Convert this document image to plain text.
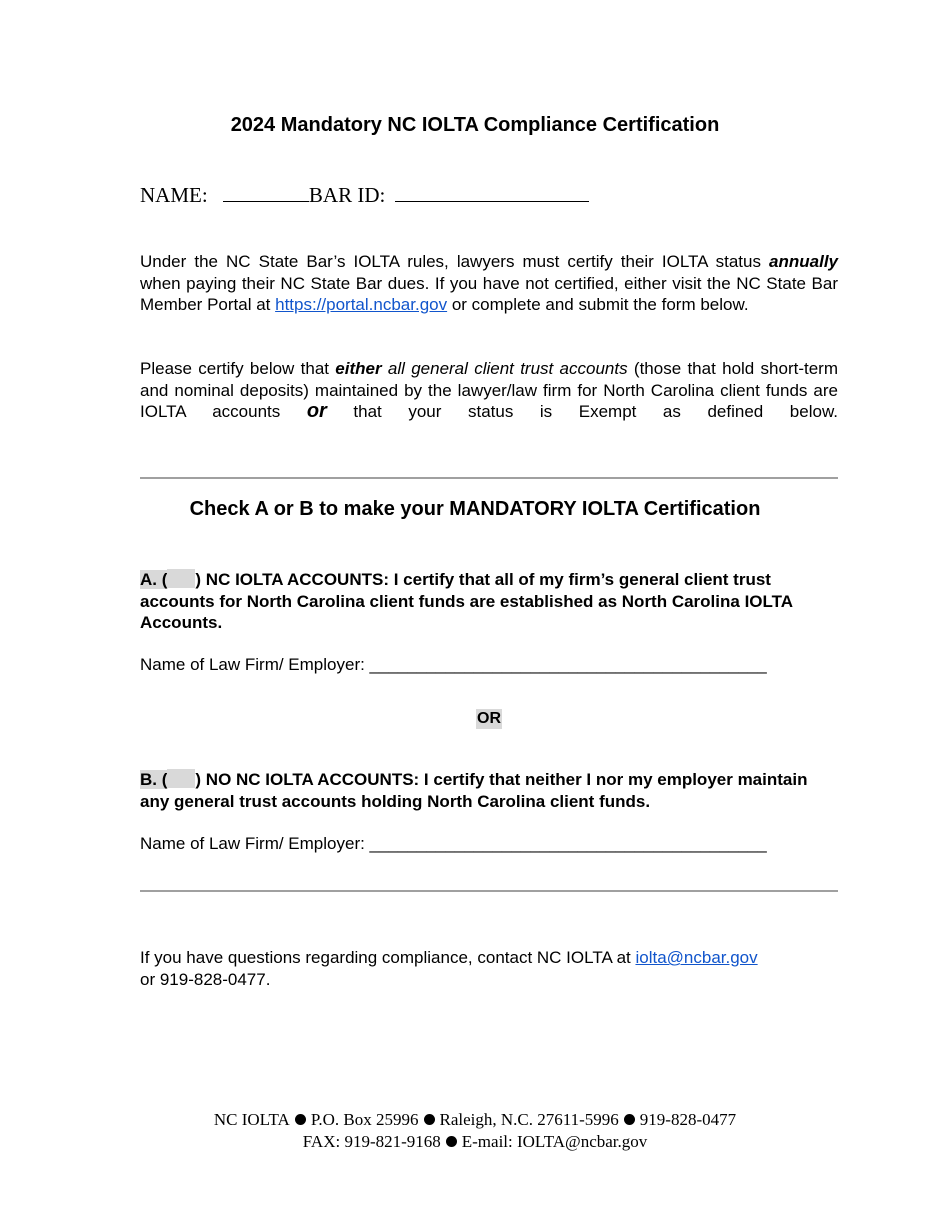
2024 Mandatory NC IOLTA Compliance Certification
NAME:	BAR ID:
Under the NC State Bar’s IOLTA rules, lawyers must certify their IOLTA status annually when paying their NC State Bar dues. If you have not certified, either visit the NC State Bar Member Portal at https://portal.ncbar.gov or complete and submit the form below.
Please certify below that either all general client trust accounts (those that hold short-term and nominal deposits) maintained by the lawyer/law firm for North Carolina client funds are IOLTA accounts or that your status is Exempt as defined below.
Check A or B to make your MANDATORY IOLTA Certification
A. ( ) NC IOLTA ACCOUNTS: I certify that all of my firm’s general client trust accounts for North Carolina client funds are established as North Carolina IOLTA Accounts.
Name of Law Firm/ Employer: __________________________________________
OR
B. ( ) NO NC IOLTA ACCOUNTS: I certify that neither I nor my employer maintain any general trust accounts holding North Carolina client funds.
Name of Law Firm/ Employer: __________________________________________
If you have questions regarding compliance, contact NC IOLTA at iolta@ncbar.gov
or 919-828-0477.
NC IOLTA P.O. Box 25996 Raleigh, N.C. 27611-5996 919-828-0477
FAX: 919-821-9168 E-mail: IOLTA@ncbar.gov
